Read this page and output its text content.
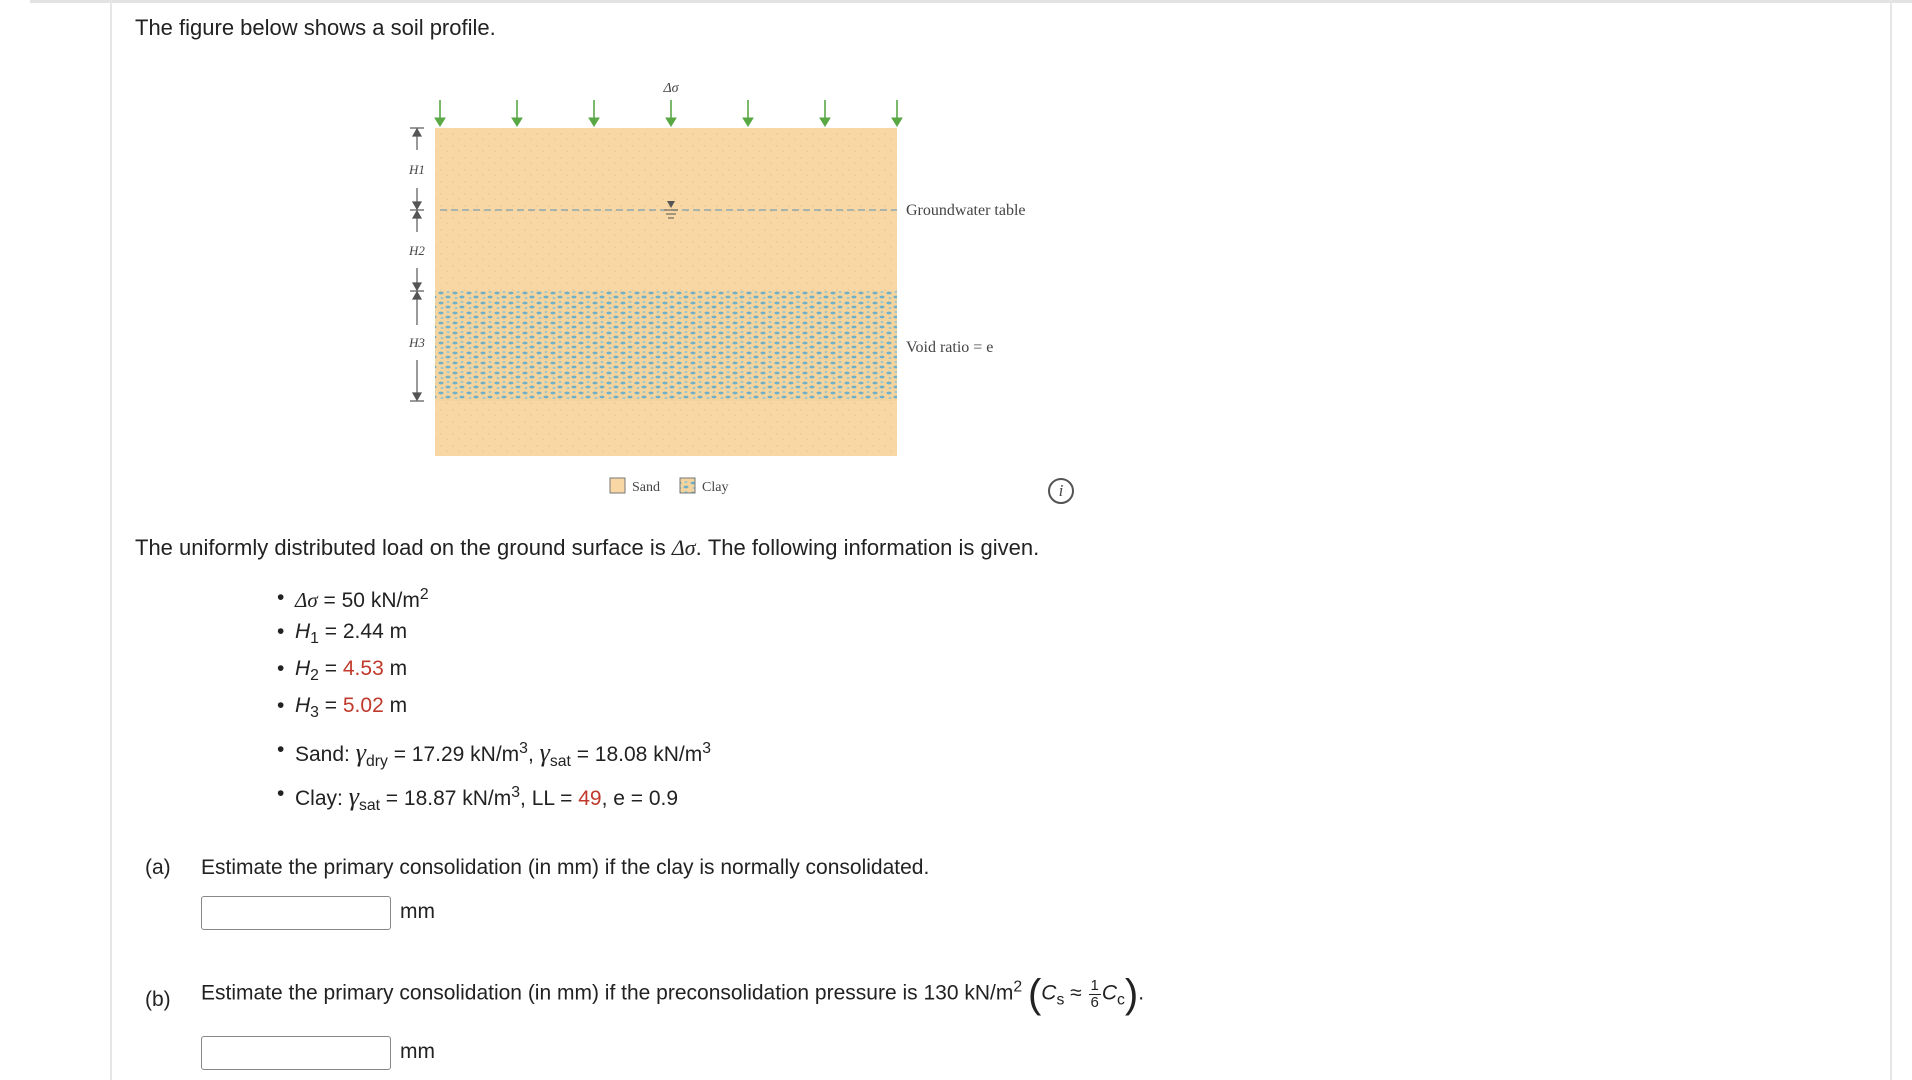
The figure below shows a soil profile.
Δσ
H1
H2
H3
Groundwater table
Void ratio = e
Sand	Clay	i
The uniformly distributed load on the ground surface is Δσ. The following information is given.
• Δσ = 50 $kN/m^2$
• $H_1 = 2.44$ m
• $H_2 = 4.53$ m
• $H_3 = 5.02$ m
• Sand: $\gamma_{dry} = 17.29$ $kN/m^3$, $\gamma_{sat} = 18.08$ $kN/m^3$
• Clay: $\gamma_{sat} = 18.87$ $kN/m^3$, LL = 49, e = 0.9
(a) Estimate the primary consolidation (in mm) if the clay is normally consolidated.
mm
(b) Estimate the primary consolidation (in mm) if the preconsolidation pressure is 130 $kN/m^2$ $(C_s \approx \frac{1}{6} C_c)$.
mm
